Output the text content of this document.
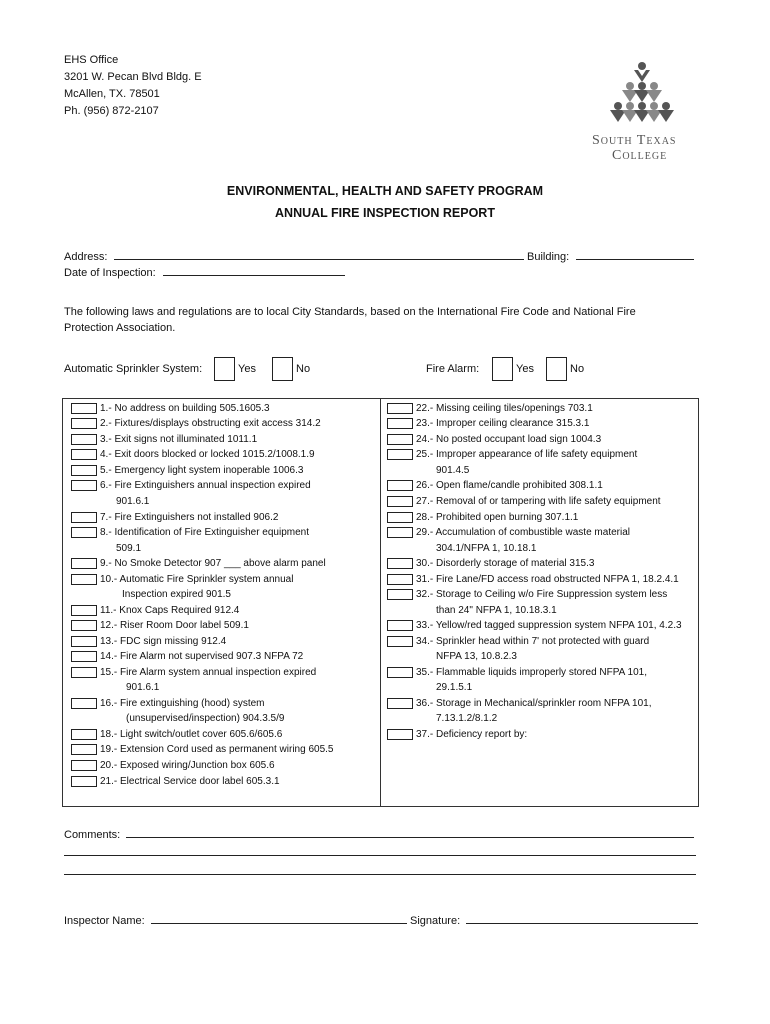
EHS Office
3201 W. Pecan Blvd Bldg. E
McAllen, TX. 78501
Ph. (956) 872-2107
South Texas
College
ENVIRONMENTAL, HEALTH AND SAFETY PROGRAM
ANNUAL FIRE INSPECTION REPORT
Address:	Building:
Date of Inspection:
The following laws and regulations are to local City Standards, based on the International Fire Code and National Fire
Protection Association.
Automatic Sprinkler System:	Yes	No	Fire Alarm:	Yes	No
1.- No address on building 505.1605.3
2.- Fixtures/displays obstructing exit access 314.2
3.- Exit signs not illuminated 1011.1
4.- Exit doors blocked or locked 1015.2/1008.1.9
5.- Emergency light system inoperable 1006.3
6.- Fire Extinguishers annual inspection expired
901.6.1
7.- Fire Extinguishers not installed 906.2
8.- Identification of Fire Extinguisher equipment
509.1
9.- No Smoke Detector 907 ___ above alarm panel
10.- Automatic Fire Sprinkler system annual
Inspection expired 901.5
11.- Knox Caps Required 912.4
12.- Riser Room Door label 509.1
13.- FDC sign missing 912.4
14.- Fire Alarm not supervised 907.3 NFPA 72
15.- Fire Alarm system annual inspection expired
901.6.1
16.- Fire extinguishing (hood) system
(unsupervised/inspection) 904.3.5/9
18.- Light switch/outlet cover 605.6/605.6
19.- Extension Cord used as permanent wiring 605.5
20.- Exposed wiring/Junction box 605.6
21.- Electrical Service door label 605.3.1
22.- Missing ceiling tiles/openings 703.1
23.- Improper ceiling clearance 315.3.1
24.- No posted occupant load sign 1004.3
25.- Improper appearance of life safety equipment
901.4.5
26.- Open flame/candle prohibited 308.1.1
27.- Removal of or tampering with life safety equipment
28.- Prohibited open burning 307.1.1
29.- Accumulation of combustible waste material
304.1/NFPA 1, 10.18.1
30.- Disorderly storage of material 315.3
31.- Fire Lane/FD access road obstructed NFPA 1, 18.2.4.1
32.- Storage to Ceiling w/o Fire Suppression system less
than 24" NFPA 1, 10.18.3.1
33.- Yellow/red tagged suppression system NFPA 101, 4.2.3
34.- Sprinkler head within 7' not protected with guard
NFPA 13, 10.8.2.3
35.- Flammable liquids improperly stored NFPA 101,
29.1.5.1
36.- Storage in Mechanical/sprinkler room NFPA 101,
7.13.1.2/8.1.2
37.- Deficiency report by:
Comments:
Inspector Name:	Signature:
